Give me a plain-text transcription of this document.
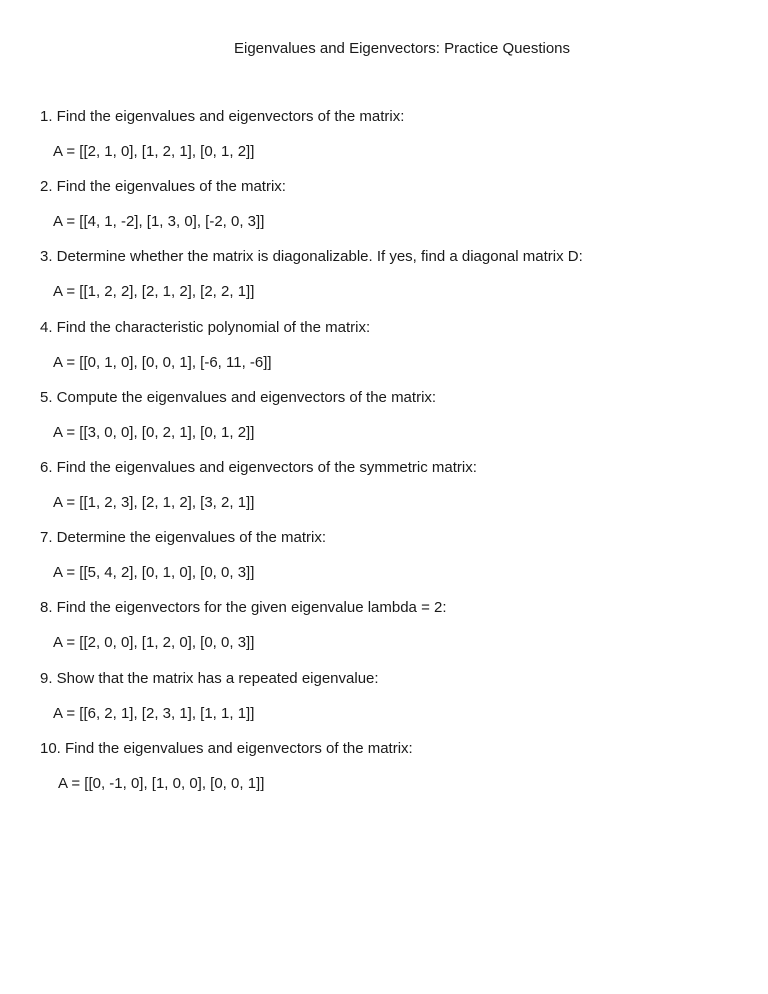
Eigenvalues and Eigenvectors: Practice Questions
1. Find the eigenvalues and eigenvectors of the matrix:
A = [[2, 1, 0], [1, 2, 1], [0, 1, 2]]
2. Find the eigenvalues of the matrix:
A = [[4, 1, -2], [1, 3, 0], [-2, 0, 3]]
3. Determine whether the matrix is diagonalizable. If yes, find a diagonal matrix D:
A = [[1, 2, 2], [2, 1, 2], [2, 2, 1]]
4. Find the characteristic polynomial of the matrix:
A = [[0, 1, 0], [0, 0, 1], [-6, 11, -6]]
5. Compute the eigenvalues and eigenvectors of the matrix:
A = [[3, 0, 0], [0, 2, 1], [0, 1, 2]]
6. Find the eigenvalues and eigenvectors of the symmetric matrix:
A = [[1, 2, 3], [2, 1, 2], [3, 2, 1]]
7. Determine the eigenvalues of the matrix:
A = [[5, 4, 2], [0, 1, 0], [0, 0, 3]]
8. Find the eigenvectors for the given eigenvalue lambda = 2:
A = [[2, 0, 0], [1, 2, 0], [0, 0, 3]]
9. Show that the matrix has a repeated eigenvalue:
A = [[6, 2, 1], [2, 3, 1], [1, 1, 1]]
10. Find the eigenvalues and eigenvectors of the matrix:
A = [[0, -1, 0], [1, 0, 0], [0, 0, 1]]
